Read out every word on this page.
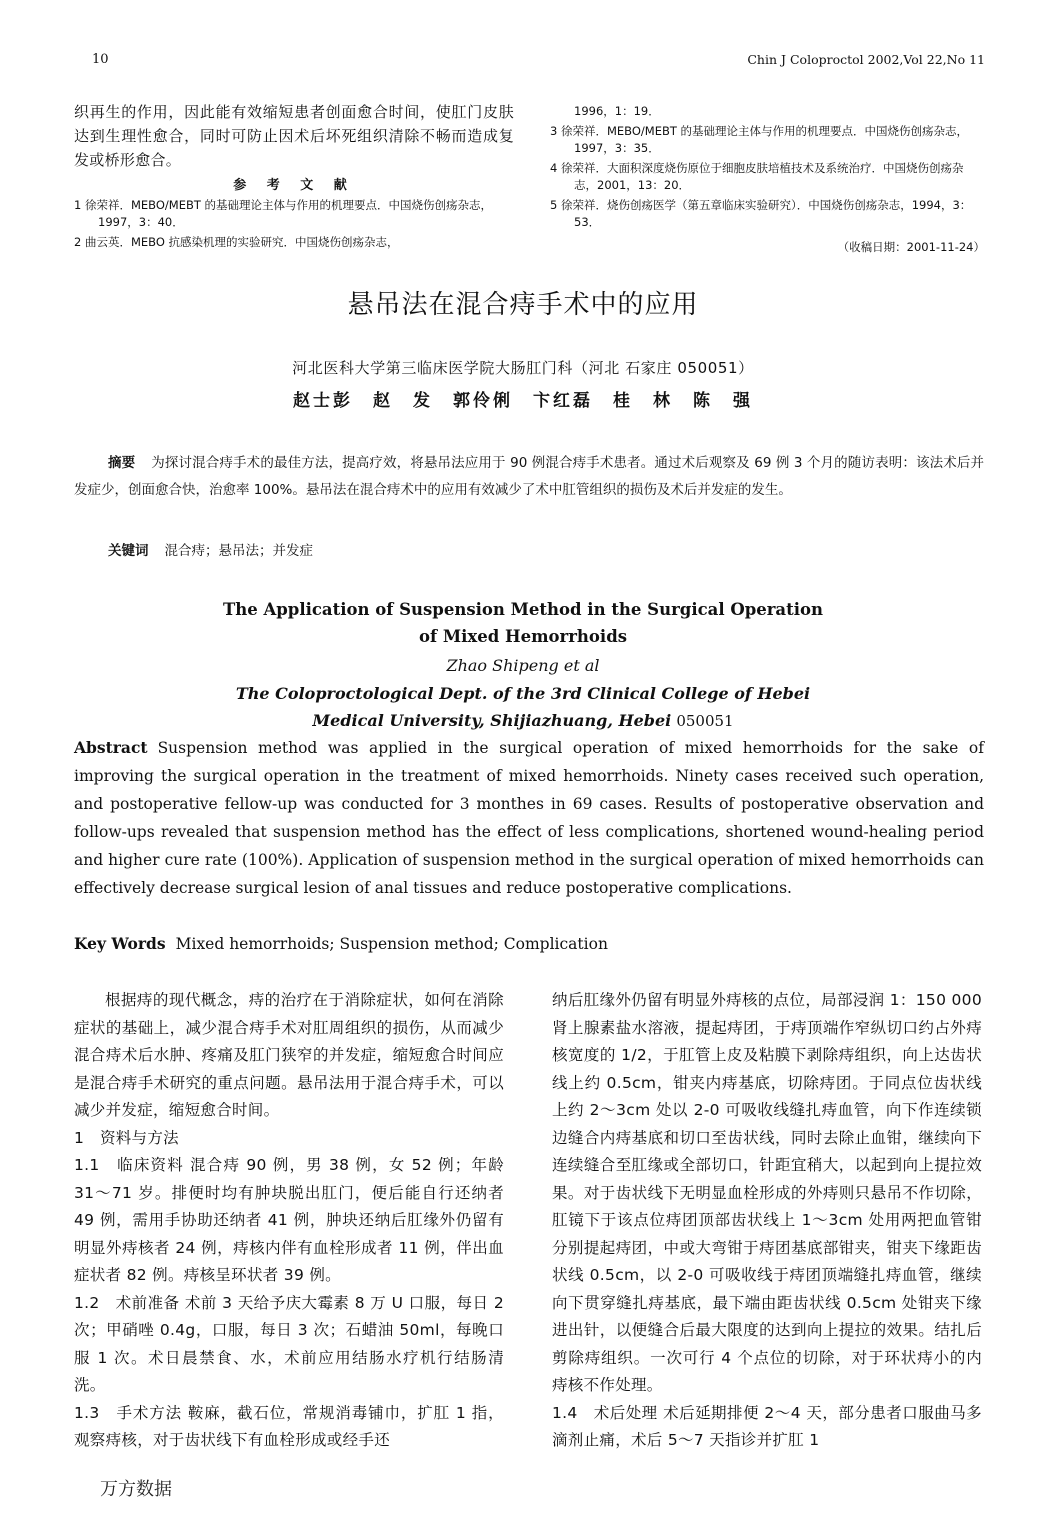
10	Chin J Coloproctol 2002,Vol 22,No 11

织再生的作用，因此能有效缩短患者创面愈合时间，使肛门皮肤达到生理性愈合，同时可防止因术后坏死组织清除不畅而造成复发或桥形愈合。

参 考 文 献
1 徐荣祥．MEBO/MEBT 的基础理论主体与作用的机理要点．中国烧伤创疡杂志，1997，3：40．
2 曲云英．MEBO 抗感染机理的实验研究．中国烧伤创疡杂志，
1996，1：19．
3 徐荣祥．MEBO/MEBT 的基础理论主体与作用的机理要点．中国烧伤创疡杂志，1997，3：35．
4 徐荣祥．大面积深度烧伤原位于细胞皮肤培植技术及系统治疗．中国烧伤创疡杂志，2001，13：20．
5 徐荣祥．烧伤创疡医学（第五章临床实验研究）．中国烧伤创疡杂志，1994，3：53．
（收稿日期：2001-11-24）
悬吊法在混合痔手术中的应用
河北医科大学第三临床医学院大肠肛门科（河北 石家庄 050051）
赵士彭　赵　发　郭伶俐　卞红磊　桂　林　陈　强
摘要 为探讨混合痔手术的最佳方法，提高疗效，将悬吊法应用于 90 例混合痔手术患者。通过术后观察及 69 例 3 个月的随访表明：该法术后并发症少，创面愈合快，治愈率 100%。悬吊法在混合痔术中的应用有效减少了术中肛管组织的损伤及术后并发症的发生。
关键词 混合痔；悬吊法；并发症
The Application of Suspension Method in the Surgical Operation
of Mixed Hemorrhoids
Zhao Shipeng et al
The Coloproctological Dept. of the 3rd Clinical College of Hebei
Medical University, Shijiazhuang, Hebei 050051
Abstract Suspension method was applied in the surgical operation of mixed hemorrhoids for the sake of improving the surgical operation in the treatment of mixed hemorrhoids. Ninety cases received such operation, and postoperative fellow-up was conducted for 3 monthes in 69 cases. Results of postoperative observation and follow-ups revealed that suspension method has the effect of less complications, shortened wound-healing period and higher cure rate (100%). Application of suspension method in the surgical operation of mixed hemorrhoids can effectively decrease surgical lesion of anal tissues and reduce postoperative complications.
Key Words Mixed hemorrhoids; Suspension method; Complication

根据痔的现代概念，痔的治疗在于消除症状，如何在消除症状的基础上，减少混合痔手术对肛周组织的损伤，从而减少混合痔术后水肿、疼痛及肛门狭窄的并发症，缩短愈合时间应是混合痔手术研究的重点问题。悬吊法用于混合痔手术，可以减少并发症，缩短愈合时间。

1　资料与方法

1.1　临床资料 混合痔 90 例，男 38 例，女 52 例；年龄 31～71 岁。排便时均有肿块脱出肛门，便后能自行还纳者 49 例，需用手协助还纳者 41 例，肿块还纳后肛缘外仍留有明显外痔核者 24 例，痔核内伴有血栓形成者 11 例，伴出血症状者 82 例。痔核呈环状者 39 例。

1.2　术前准备 术前 3 天给予庆大霉素 8 万 U 口服，每日 2 次；甲硝唑 0.4g，口服，每日 3 次；石蜡油 50ml，每晚口服 1 次。术日晨禁食、水，术前应用结肠水疗机行结肠清洗。

1.3　手术方法 鞍麻，截石位，常规消毒铺巾，扩肛 1 指，观察痔核，对于齿状线下有血栓形成或经手还

纳后肛缘外仍留有明显外痔核的点位，局部浸润 1：150 000 肾上腺素盐水溶液，提起痔团，于痔顶端作窄纵切口约占外痔核宽度的 1/2，于肛管上皮及粘膜下剥除痔组织，向上达齿状线上约 0.5cm，钳夹内痔基底，切除痔团。于同点位齿状线上约 2～3cm 处以 2-0 可吸收线缝扎痔血管，向下作连续锁边缝合内痔基底和切口至齿状线，同时去除止血钳，继续向下连续缝合至肛缘或全部切口，针距宜稍大，以起到向上提拉效果。对于齿状线下无明显血栓形成的外痔则只悬吊不作切除，肛镜下于该点位痔团顶部齿状线上 1～3cm 处用两把血管钳分别提起痔团，中或大弯钳于痔团基底部钳夹，钳夹下缘距齿状线 0.5cm，以 2-0 可吸收线于痔团顶端缝扎痔血管，继续向下贯穿缝扎痔基底，最下端由距齿状线 0.5cm 处钳夹下缘进出针，以便缝合后最大限度的达到向上提拉的效果。结扎后剪除痔组织。一次可行 4 个点位的切除，对于环状痔小的内痔核不作处理。

1.4　术后处理 术后延期排便 2～4 天，部分患者口服曲马多滴剂止痛，术后 5～7 天指诊并扩肛 1

万方数据
